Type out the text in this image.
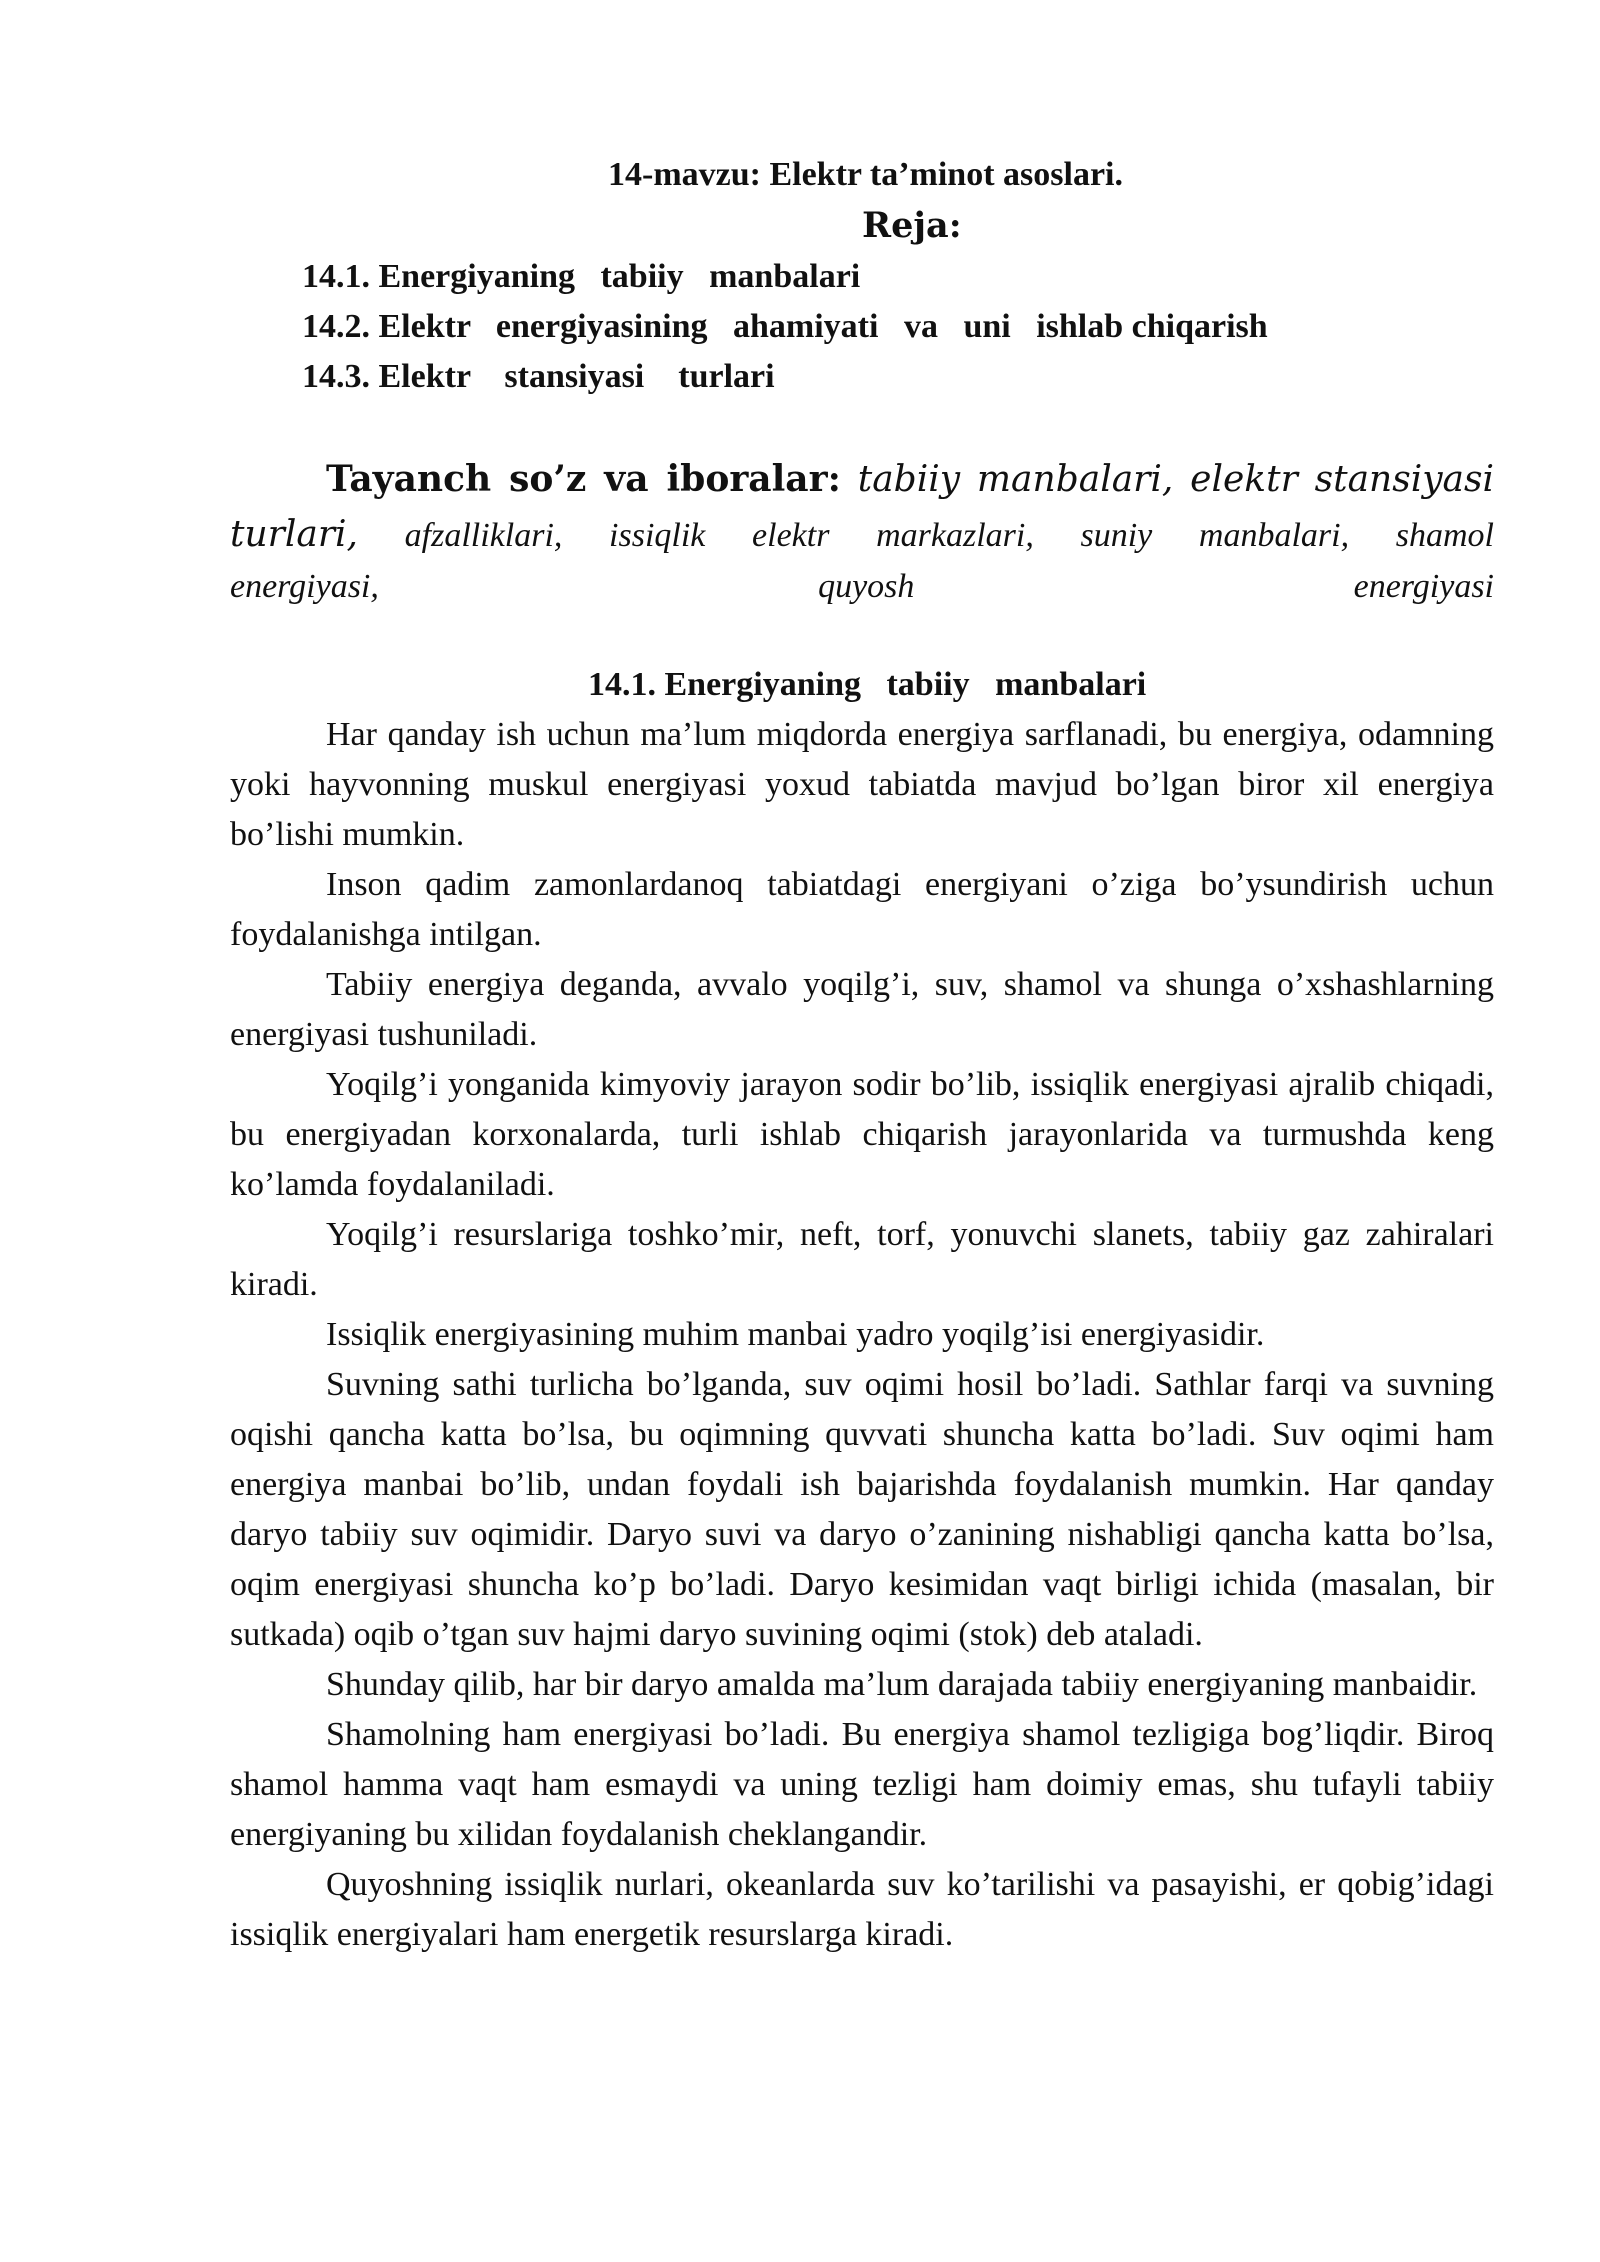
14-mavzu: Elektr ta’minot asoslari.
Reja:
14.1. Energiyaning   tabiiy   manbalari
14.2. Elektr   energiyasining   ahamiyati   va   uni   ishlab chiqarish
14.3. Elektr    stansiyasi    turlari
Tayanch so’z va iboralar: tabiiy manbalari, elektr stansiyasi
turlari, afzalliklari, issiqlik elektr markazlari, suniy manbalari, shamol
energiyasi, quyosh energiyasi
14.1. Energiyaning   tabiiy   manbalari

Har qanday ish uchun ma’lum miqdorda energiya sarflanadi, bu energiya, odamning yoki hayvonning muskul energiyasi yoxud tabiatda mavjud bo’lgan biror xil energiya bo’lishi mumkin.

Inson qadim zamonlardanoq tabiatdagi energiyani o’ziga bo’ysundirish uchun foydalanishga intilgan.

Tabiiy energiya deganda, avvalo yoqilg’i, suv, shamol va shunga o’xshashlarning energiyasi tushuniladi.

Yoqilg’i yonganida kimyoviy jarayon sodir bo’lib, issiqlik energiyasi ajralib chiqadi, bu energiyadan korxonalarda, turli ishlab chiqarish jarayonlarida va turmushda keng ko’lamda foydalaniladi.

Yoqilg’i resurslariga toshko’mir, neft, torf, yonuvchi slanets, tabiiy gaz zahiralari kiradi.

Issiqlik energiyasining muhim manbai yadro yoqilg’isi energiyasidir.

Suvning sathi turlicha bo’lganda, suv oqimi hosil bo’ladi. Sathlar farqi va suvning oqishi qancha katta bo’lsa, bu oqimning quvvati shuncha katta bo’ladi. Suv oqimi ham energiya manbai bo’lib, undan foydali ish bajarishda foydalanish mumkin. Har qanday daryo tabiiy suv oqimidir. Daryo suvi va daryo o’zanining nishabligi qancha katta bo’lsa, oqim energiyasi shuncha ko’p bo’ladi. Daryo kesimidan vaqt birligi ichida (masalan, bir sutkada) oqib o’tgan suv hajmi daryo suvining oqimi (stok) deb ataladi.

Shunday qilib, har bir daryo amalda ma’lum darajada tabiiy energiyaning manbaidir.

Shamolning ham energiyasi bo’ladi. Bu energiya shamol tezligiga bog’liqdir. Biroq shamol hamma vaqt ham esmaydi va uning tezligi ham doimiy emas, shu tufayli tabiiy energiyaning bu xilidan foydalanish cheklangandir.

Quyoshning issiqlik nurlari, okeanlarda suv ko’tarilishi va pasayishi, er qobig’idagi issiqlik energiyalari ham energetik resurslarga kiradi.
